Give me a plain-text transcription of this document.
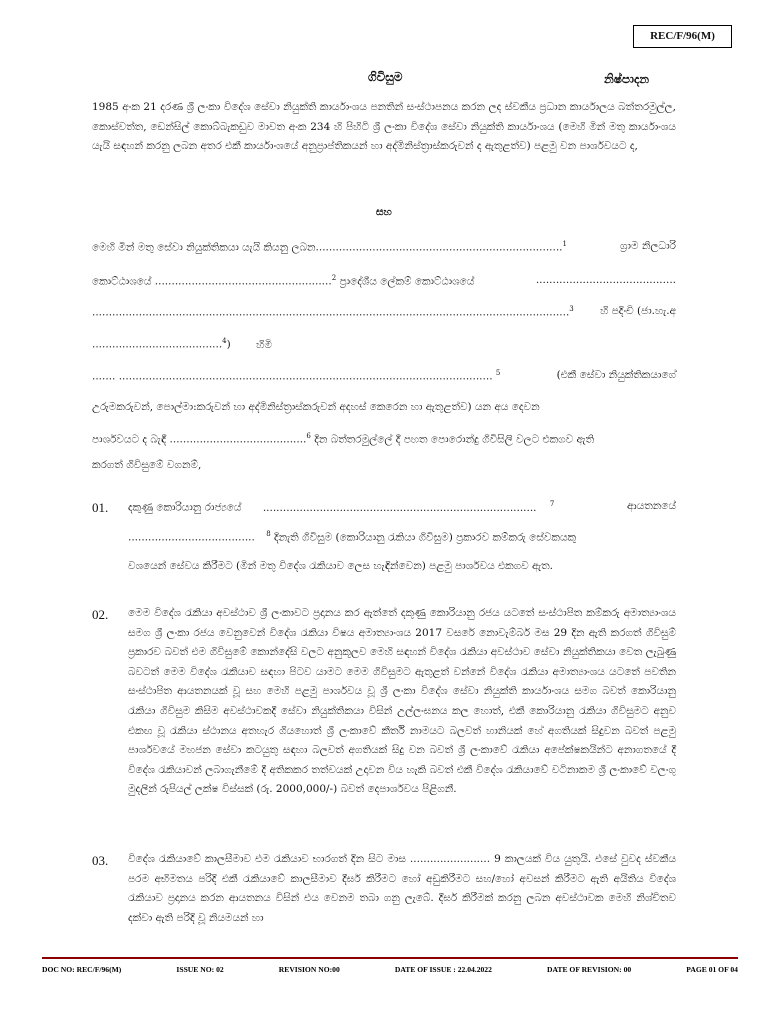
REC/F/96(M)
ගිවිසුම	නිෂ්පාදන
1985 අංක 21 දරණ ශ්‍රී ලංකා විදේශ සේවා නියුක්ති කාර්යාංශය පනතින් සංස්ථාපනය කරන ලද ස්වකීය ප්‍රධාන කාර්යාලය බත්තරමුල්ල, කොස්වත්ත, ඩෙන්සිල් කොබ්බැකඩුව මාවත අංක 234 හි පිහිටි ශ්‍රී ලංකා විදේශ සේවා නියුක්ති කාර්යාංශය (මෙහි මින් මතු කාර්යාංශය යැයි සඳහන් කරනු ලබන අතර එකී කාර්යාංශයේ අනුප්‍රාප්තිකයන් හා අද්මිනිස්ත්‍රාස්කරුවන් ද ඇතුළත්ව) පළමු වන පාර්ශවයට ද,
සහ
මෙහි මින් මතු සේවා නියුක්තිකයා යැයි කියනු ලබන..........................................................................$^1$	ග්‍රාම නිලධාරි
කොට්ඨාශයේ .....................................................$^2$ ප්‍රාදේශීය ලේකම් කොට්ඨාශයේ	..........................................
...............................................................................................................................................$^3$	හි පදිංචි (ජා.හැ.අ
.......................................$^4$) හිමි
....... ................................................................................................................ $^5$	(එකී සේවා නියුක්තිකයාගේ
උරුමකරුවන්, පොල්මා:කරුවන් හා අද්මිනිස්ත්‍රාස්කරුවන් අදහස් කෙරෙන හා ඇතුළත්ව) යන අය දෙවන
පාර්ශවයට ද බැඳී .........................................$^6$ දින බත්තරමුල්ලේ දී පහත පොරොන්දු ගිවිසිලි වලට එකගව ඇති
කරගත් ගිවිසුමේ වගනම්,
01. දකුණු කොරියානු රාජ්‍යයේ .................................................................................. $^7$	ආයතනයේ
...................................... $^8$ දිනැති ගිවිසුම (කොරියානු රැකියා ගිවිසුම) ප්‍රකාරව කම්කරු සේවකයකු
වශයෙන් සේවය කිරීමට (මින් මතු විදේශ රැකියාව ලෙස හැඳින්වෙන) පළමු පාර්ශවය එකගව ඇත.
02. මෙම විදේශ රැකියා අවස්ථාව ශ්‍රී ලංකාවට ප්‍රදානය කර ඇත්තේ දකුණු කොරියානු රජය යටතේ සංස්ථාපිත කම්කරු අමාත්‍යාංශය සමග ශ්‍රී ලංකා රජය වෙනුවෙන් විදේශ රැකියා විෂය අමාත්‍යාංශය 2017 වසරේ නොවැම්බර් මස 29 දින ඇති කරගත් ගිවිසුම් ප්‍රකාරව බවත් එම ගිවිසුමේ කොන්දේසි වලට අනුකූලව මෙහි සඳහන් විදේශ රැකියා අවස්ථාව සේවා නියුක්තිකයා වෙත ලැබුණු බවටත් මෙම විදේශ රැකියාව සඳහා පිටව යාමට මෙම ගිවිසුමට ඇතුළත් වන්නේ විදේශ රැකියා අමාත්‍යාංශය යටතේ පවතින සංස්ථාපිත ආයතනයක් වූ සහ මෙහි පළමු පාර්ශවය වූ ශ්‍රී ලංකා විදේශ සේවා නියුක්ති කාර්යාංශය සමග බවත් කොරියානු රැකියා ගිවිසුම කිසිම අවස්ථාවකදී සේවා නියුක්තිකයා විසින් උල්ලංඝනය කල හොත්, එකී කොරියානු රැකියා ගිවිසුමට අනුව එකඟ වූ රැකියා ස්ථානය අතහැර ගියහොත් ශ්‍රී ලංකාවේ කීර්ති නාමයට බලවත් හානියක් හේ අගතියක් සිදුවන බවත් පළමු පාර්ශවයේ මහජන සේවා කටයුතු සඳහා බලවත් අගතියක් සිදු වන බවත් ශ්‍රී ලංකාවේ රැකියා අපේක්ෂකයින්ට අනාගතයේ දී විදේශ රැකියාවන් ලබාගැනීමේ දී අතිකකර තත්වයක් උදාවන විය හැකි බවත් එකී විදේශ රැකියාවේ වටිනාකම ශ්‍රී ලංකාවේ වලංගු මුදලින් රුපියල් ලක්ෂ විස්සක් (රු. 2000,000/-) බවත් දෙපාර්ශවය පිළිගනී.
03. විදේශ රැකියාවේ කාලසීමාව එම රැකියාව භාරගත් දින සිට මාස ........................ 9 කාලයක් විය යුතුයි. එසේ වුවද ස්වකීය පරම අභිමතය පරිදි එකී රැකියාවේ කාලසීමාව දීර්ඝ කිරීමට හෝ අඩුකිරීමට සහ/හෝ අවසන් කිරීමට ඇති අයිතිය විදේශ රැකියාව ප්‍රදානය කරන ආයතනය විසින් එය වෙනම තබා ගනු ලැබේ. දීර්ඝ කිරීමක් කරනු ලබන අවස්ථාවක මෙහි නිශ්චිතව දක්වා ඇති පරිදි වූ නියමයන් හා
DOC NO: REC/F/96(M)	ISSUE NO: 02	REVISION NO:00	DATE OF ISSUE : 22.04.2022	DATE OF REVISION: 00	PAGE 01 OF 04
